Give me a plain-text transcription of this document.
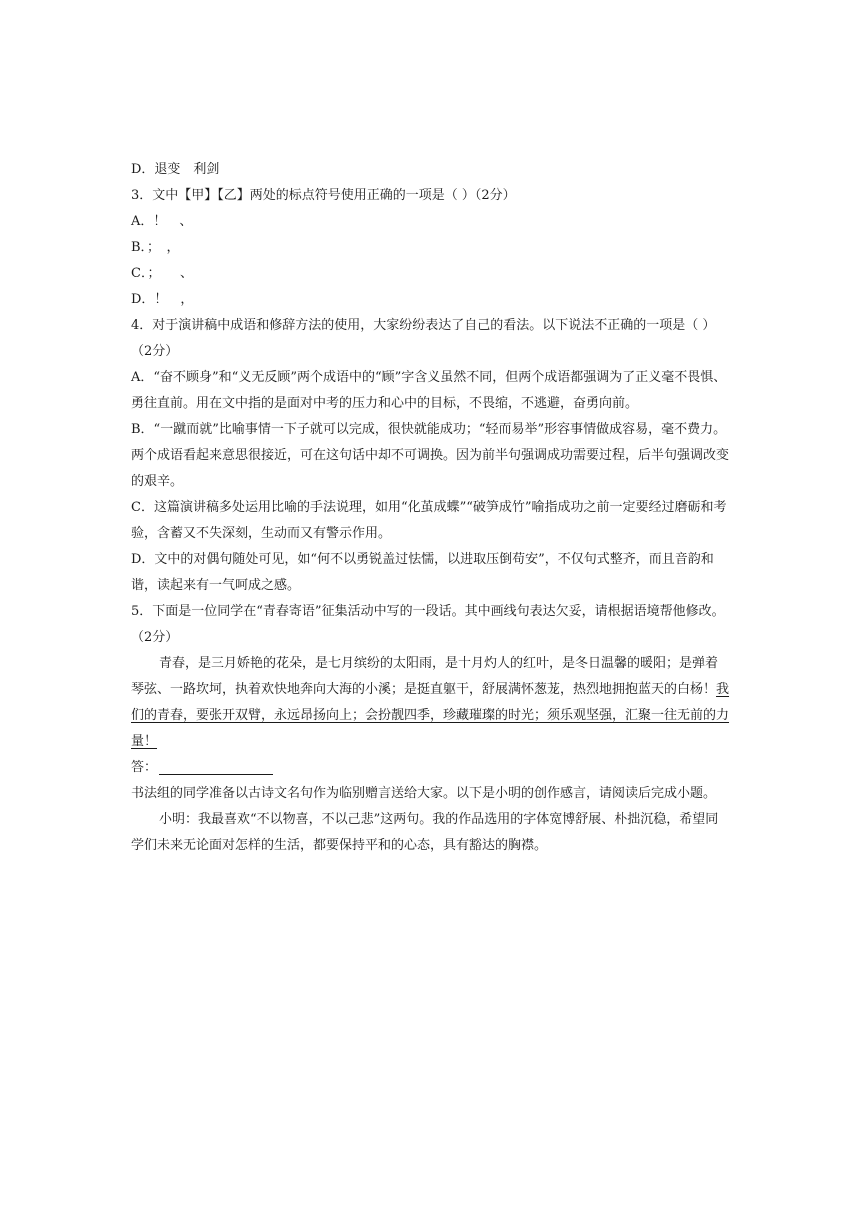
D．退变　利剑
3．文中【甲】【乙】两处的标点符号使用正确的一项是（ ）（2分）
A．！　、
B．；　，
C．；　　、
D．！　，
4．对于演讲稿中成语和修辞方法的使用，大家纷纷表达了自己的看法。以下说法不正确的一项是（ ）
（2分）
A．“奋不顾身”和“义无反顾”两个成语中的“顾”字含义虽然不同，但两个成语都强调为了正义毫不畏惧、
勇往直前。用在文中指的是面对中考的压力和心中的目标，不畏缩，不逃避，奋勇向前。
B．“一蹴而就”比喻事情一下子就可以完成，很快就能成功；“轻而易举”形容事情做成容易，毫不费力。
两个成语看起来意思很接近，可在这句话中却不可调换。因为前半句强调成功需要过程，后半句强调改变
的艰辛。
C．这篇演讲稿多处运用比喻的手法说理，如用“化茧成蝶”“破笋成竹”喻指成功之前一定要经过磨砺和考
验，含蓄又不失深刻，生动而又有警示作用。
D．文中的对偶句随处可见，如“何不以勇锐盖过怯懦，以进取压倒苟安”，不仅句式整齐，而且音韵和
谐，读起来有一气呵成之感。
5．下面是一位同学在“青春寄语”征集活动中写的一段话。其中画线句表达欠妥，请根据语境帮他修改。
（2分）
青春，是三月娇艳的花朵，是七月缤纷的太阳雨，是十月灼人的红叶，是冬日温馨的暖阳；是弹着
琴弦、一路坎坷，执着欢快地奔向大海的小溪；是挺直躯干，舒展满怀葱茏，热烈地拥抱蓝天的白杨！我
们的青春，要张开双臂，永远昂扬向上；会扮靓四季，珍藏璀璨的时光；须乐观坚强，汇聚一往无前的力
量！
答：
书法组的同学准备以古诗文名句作为临别赠言送给大家。以下是小明的创作感言，请阅读后完成小题。
小明：我最喜欢“不以物喜，不以己悲”这两句。我的作品选用的字体宽博舒展、朴拙沉稳，希望同
学们未来无论面对怎样的生活，都要保持平和的心态，具有豁达的胸襟。
